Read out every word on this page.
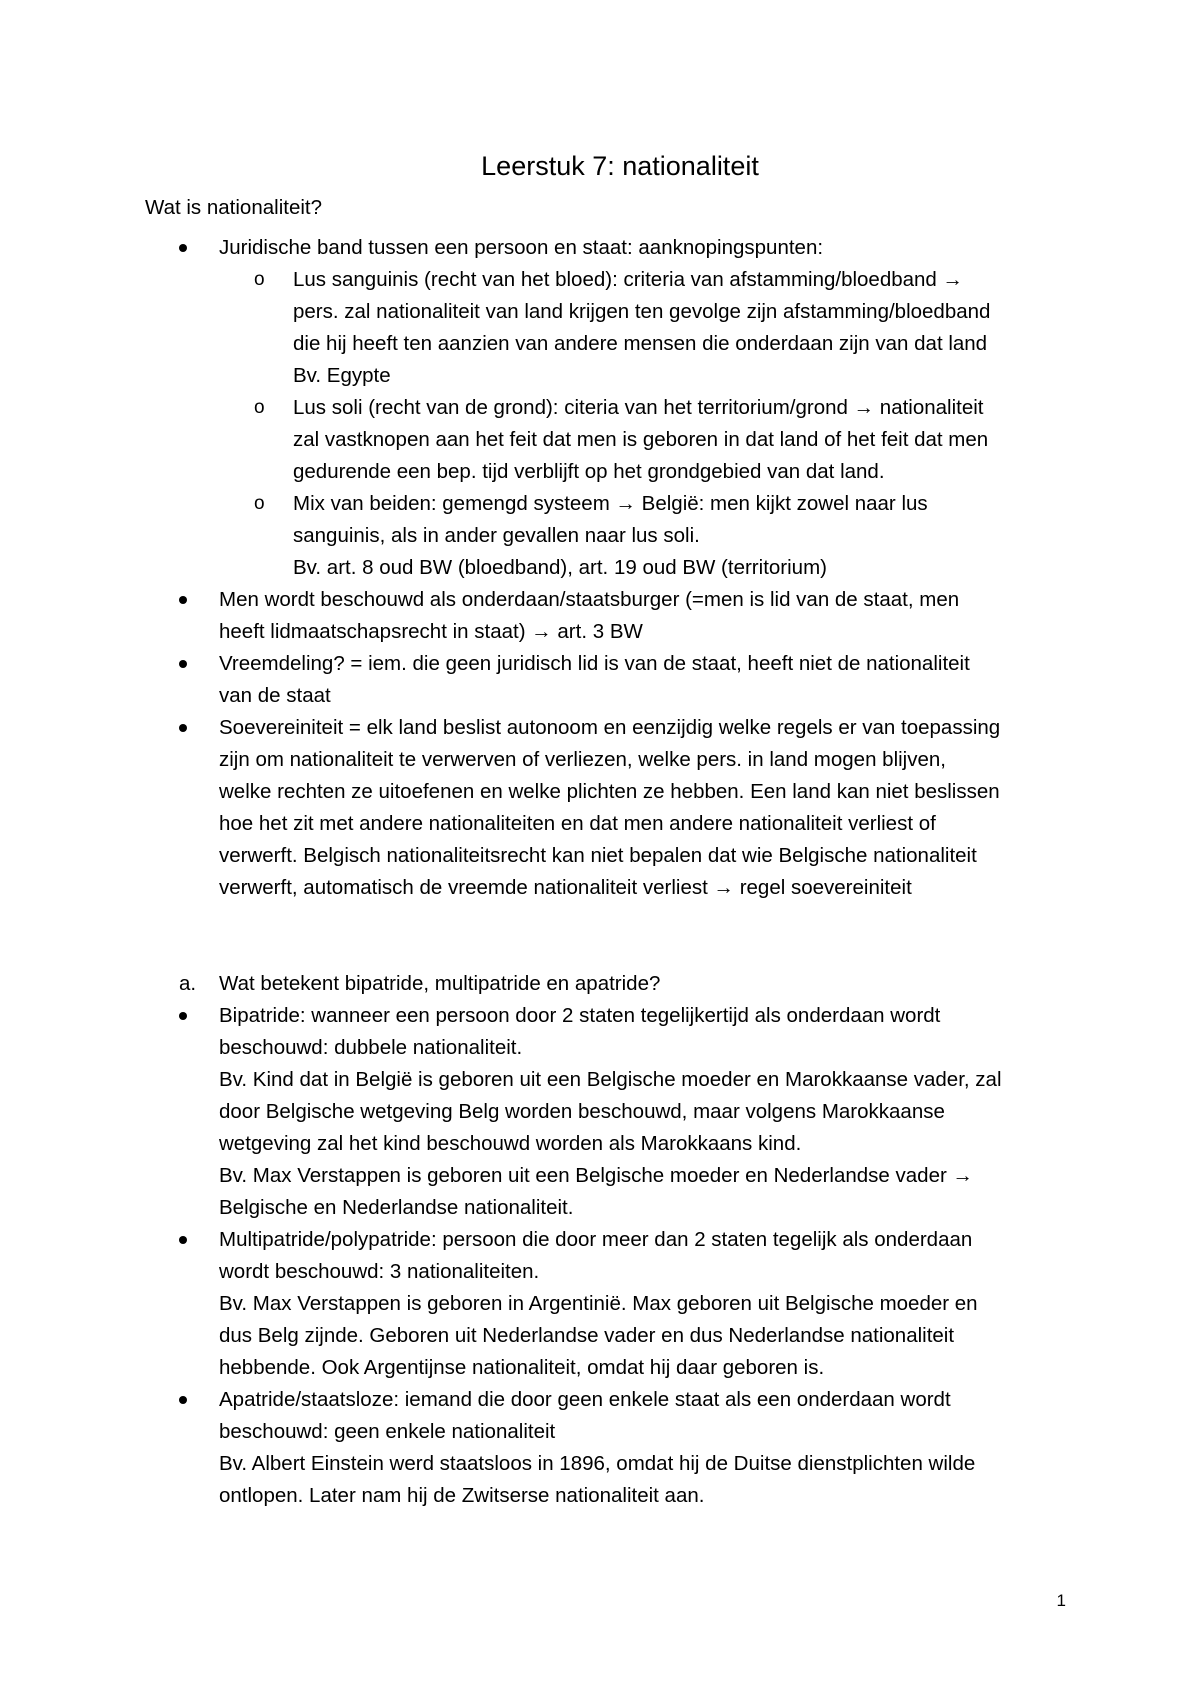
Leerstuk 7: nationaliteit
Wat is nationaliteit?
Juridische band tussen een persoon en staat: aanknopingspunten:
o Lus sanguinis (recht van het bloed): criteria van afstamming/bloedband →
pers. zal nationaliteit van land krijgen ten gevolge zijn afstamming/bloedband
die hij heeft ten aanzien van andere mensen die onderdaan zijn van dat land
Bv. Egypte
o Lus soli (recht van de grond): citeria van het territorium/grond → nationaliteit
zal vastknopen aan het feit dat men is geboren in dat land of het feit dat men
gedurende een bep. tijd verblijft op het grondgebied van dat land.
o Mix van beiden: gemengd systeem → België: men kijkt zowel naar lus
sanguinis, als in ander gevallen naar lus soli.
Bv. art. 8 oud BW (bloedband), art. 19 oud BW (territorium)
Men wordt beschouwd als onderdaan/staatsburger (=men is lid van de staat, men
heeft lidmaatschapsrecht in staat) → art. 3 BW
Vreemdeling? = iem. die geen juridisch lid is van de staat, heeft niet de nationaliteit
van de staat
Soevereiniteit = elk land beslist autonoom en eenzijdig welke regels er van toepassing
zijn om nationaliteit te verwerven of verliezen, welke pers. in land mogen blijven,
welke rechten ze uitoefenen en welke plichten ze hebben. Een land kan niet beslissen
hoe het zit met andere nationaliteiten en dat men andere nationaliteit verliest of
verwerft. Belgisch nationaliteitsrecht kan niet bepalen dat wie Belgische nationaliteit
verwerft, automatisch de vreemde nationaliteit verliest → regel soevereiniteit
a. Wat betekent bipatride, multipatride en apatride?
Bipatride: wanneer een persoon door 2 staten tegelijkertijd als onderdaan wordt
beschouwd: dubbele nationaliteit.
Bv. Kind dat in België is geboren uit een Belgische moeder en Marokkaanse vader, zal
door Belgische wetgeving Belg worden beschouwd, maar volgens Marokkaanse
wetgeving zal het kind beschouwd worden als Marokkaans kind.
Bv. Max Verstappen is geboren uit een Belgische moeder en Nederlandse vader →
Belgische en Nederlandse nationaliteit.
Multipatride/polypatride: persoon die door meer dan 2 staten tegelijk als onderdaan
wordt beschouwd: 3 nationaliteiten.
Bv. Max Verstappen is geboren in Argentinië. Max geboren uit Belgische moeder en
dus Belg zijnde. Geboren uit Nederlandse vader en dus Nederlandse nationaliteit
hebbende. Ook Argentijnse nationaliteit, omdat hij daar geboren is.
Apatride/staatsloze: iemand die door geen enkele staat als een onderdaan wordt
beschouwd: geen enkele nationaliteit
Bv. Albert Einstein werd staatsloos in 1896, omdat hij de Duitse dienstplichten wilde
ontlopen. Later nam hij de Zwitserse nationaliteit aan.
1
